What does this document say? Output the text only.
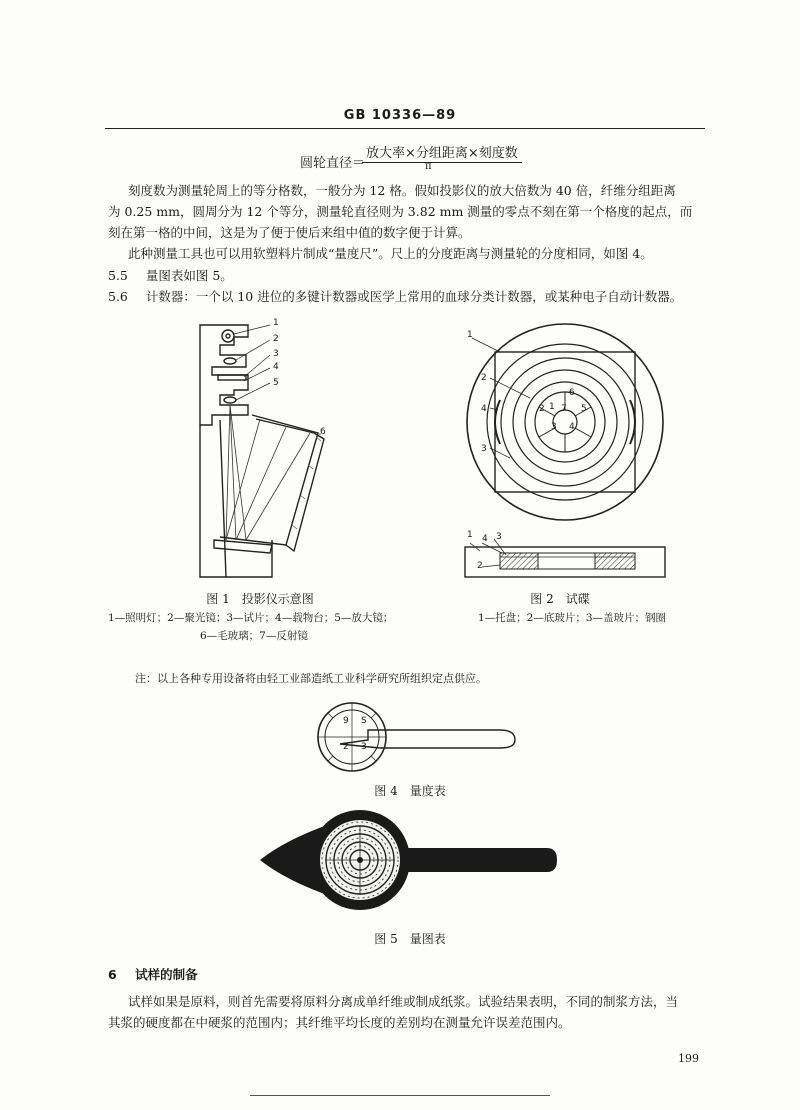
GB 10336—89
圆轮直径＝
放大率×分组距离×刻度数
π
刻度数为测量轮周上的等分格数，一般分为 12 格。假如投影仪的放大倍数为 40 倍，纤维分组距离
为 0.25 mm，圆周分为 12 个等分，测量轮直径则为 3.82 mm 测量的零点不刻在第一个格度的起点，而
刻在第一格的中间，这是为了便于使后来组中值的数字便于计算。
此种测量工具也可以用软塑料片制成“量度尺”。尺上的分度距离与测量轮的分度相同，如图 4。
5.5 量图表如图 5。
5.6 计数器：一个以 10 进位的多键计数器或医学上常用的血球分类计数器，或某种电子自动计数器。
1
2
3
4
5
6
图 1　投影仪示意图
1—照明灯；2—聚光镜；3—试片；4—载物台；5—放大镜；
6—毛玻璃；7—反射镜
1
2
4
3
1
6
2 7 5
3 4
1 4 3
2
图 2　试碟
1—托盘；2—底玻片；3—盖玻片；钢圈
注：以上各种专用设备将由轻工业部造纸工业科学研究所组织定点供应。
9 S
2 3
图 4　量度表
图 5　量图表
6 试样的制备
试样如果是原料，则首先需要将原料分离成单纤维或制成纸浆。试验结果表明，不同的制浆方法，当
其浆的硬度都在中硬浆的范围内；其纤维平均长度的差别均在测量允许误差范围内。
199
